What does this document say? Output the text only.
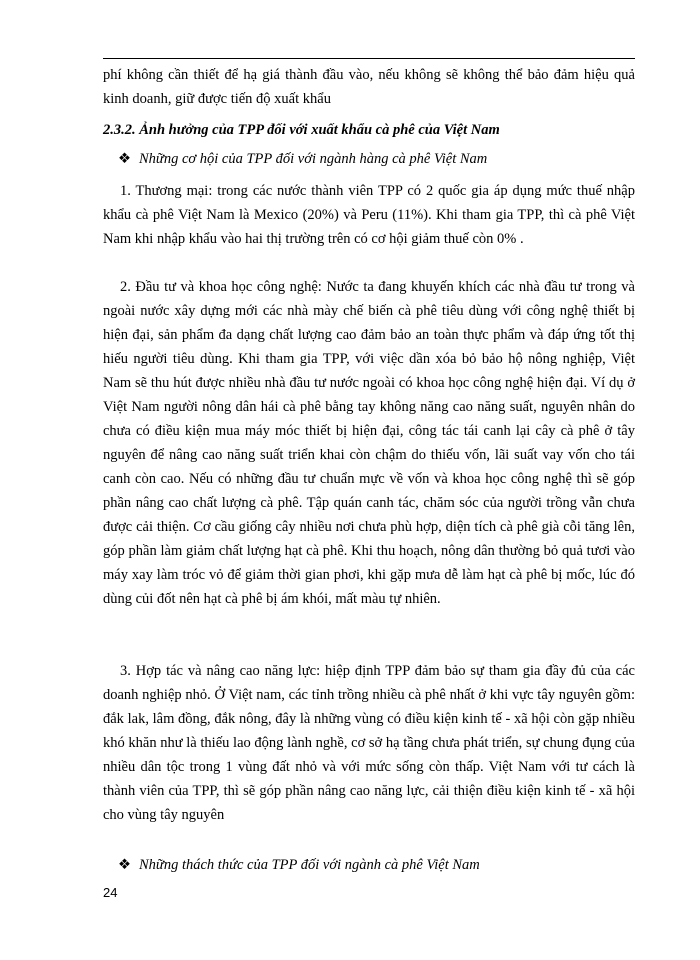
phí không cần thiết để hạ giá thành đầu vào, nếu không sẽ không thể bảo đảm hiệu quả kinh doanh, giữ được tiến độ xuất khẩu

2.3.2. Ảnh hưởng của TPP đối với xuất khẩu cà phê của Việt Nam

❖ Những cơ hội của TPP đối với ngành hàng cà phê Việt Nam

1. Thương mại: trong các nước thành viên TPP có 2 quốc gia áp dụng mức thuế nhập khẩu cà phê Việt Nam là Mexico (20%) và Peru (11%). Khi tham gia TPP, thì cà phê Việt Nam khi nhập khẩu vào hai thị trường trên có cơ hội giảm thuế còn 0% .

2. Đầu tư và khoa học công nghệ: Nước ta đang khuyến khích các nhà đầu tư trong và ngoài nước xây dựng mới các nhà mày chế biến cà phê tiêu dùng với công nghệ thiết bị hiện đại, sản phẩm đa dạng chất lượng cao đảm bảo an toàn thực phẩm và đáp ứng tốt thị hiếu người tiêu dùng. Khi tham gia TPP, với việc dần xóa bỏ bảo hộ nông nghiệp, Việt Nam sẽ thu hút được nhiều nhà đầu tư nước ngoài có khoa học công nghệ hiện đại. Ví dụ ở Việt Nam người nông dân hái cà phê bằng tay không năng cao năng suất, nguyên nhân do chưa có điều kiện mua máy móc thiết bị hiện đại, công tác tái canh lại cây cà phê ở tây nguyên để nâng cao năng suất triển khai còn chậm do thiếu vốn, lãi suất vay vốn cho tái canh còn cao. Nếu có những đầu tư chuẩn mực về vốn và khoa học công nghệ thì sẽ góp phần nâng cao chất lượng cà phê. Tập quán canh tác, chăm sóc của người trồng vẫn chưa được cải thiện. Cơ cầu giống cây nhiều nơi chưa phù hợp, diện tích cà phê già cỗi tăng lên, góp phần làm giảm chất lượng hạt cà phê. Khi thu hoạch, nông dân thường bỏ quả tươi vào máy xay làm tróc vỏ để giảm thời gian phơi, khi gặp mưa dễ làm hạt cà phê bị mốc, lúc đó dùng củi đốt nên hạt cà phê bị ám khói, mất màu tự nhiên.

3. Hợp tác và nâng cao năng lực: hiệp định TPP đảm bảo sự tham gia đầy đủ của các doanh nghiệp nhỏ. Ở Việt nam, các tỉnh trồng nhiều cà phê nhất ở khi vực tây nguyên gồm: đắk lak, lâm đồng, đắk nông, đây là những vùng có điều kiện kinh tế - xã hội còn gặp nhiều khó khăn như là thiếu lao động lành nghề, cơ sở hạ tầng chưa phát triển, sự chung đụng của nhiều dân tộc trong 1 vùng đất nhỏ và với mức sống còn thấp. Việt Nam với tư cách là thành viên của TPP, thì sẽ góp phần nâng cao năng lực, cải thiện điều kiện kinh tế - xã hội cho vùng tây nguyên

❖ Những thách thức của TPP đối với ngành cà phê Việt Nam

24
